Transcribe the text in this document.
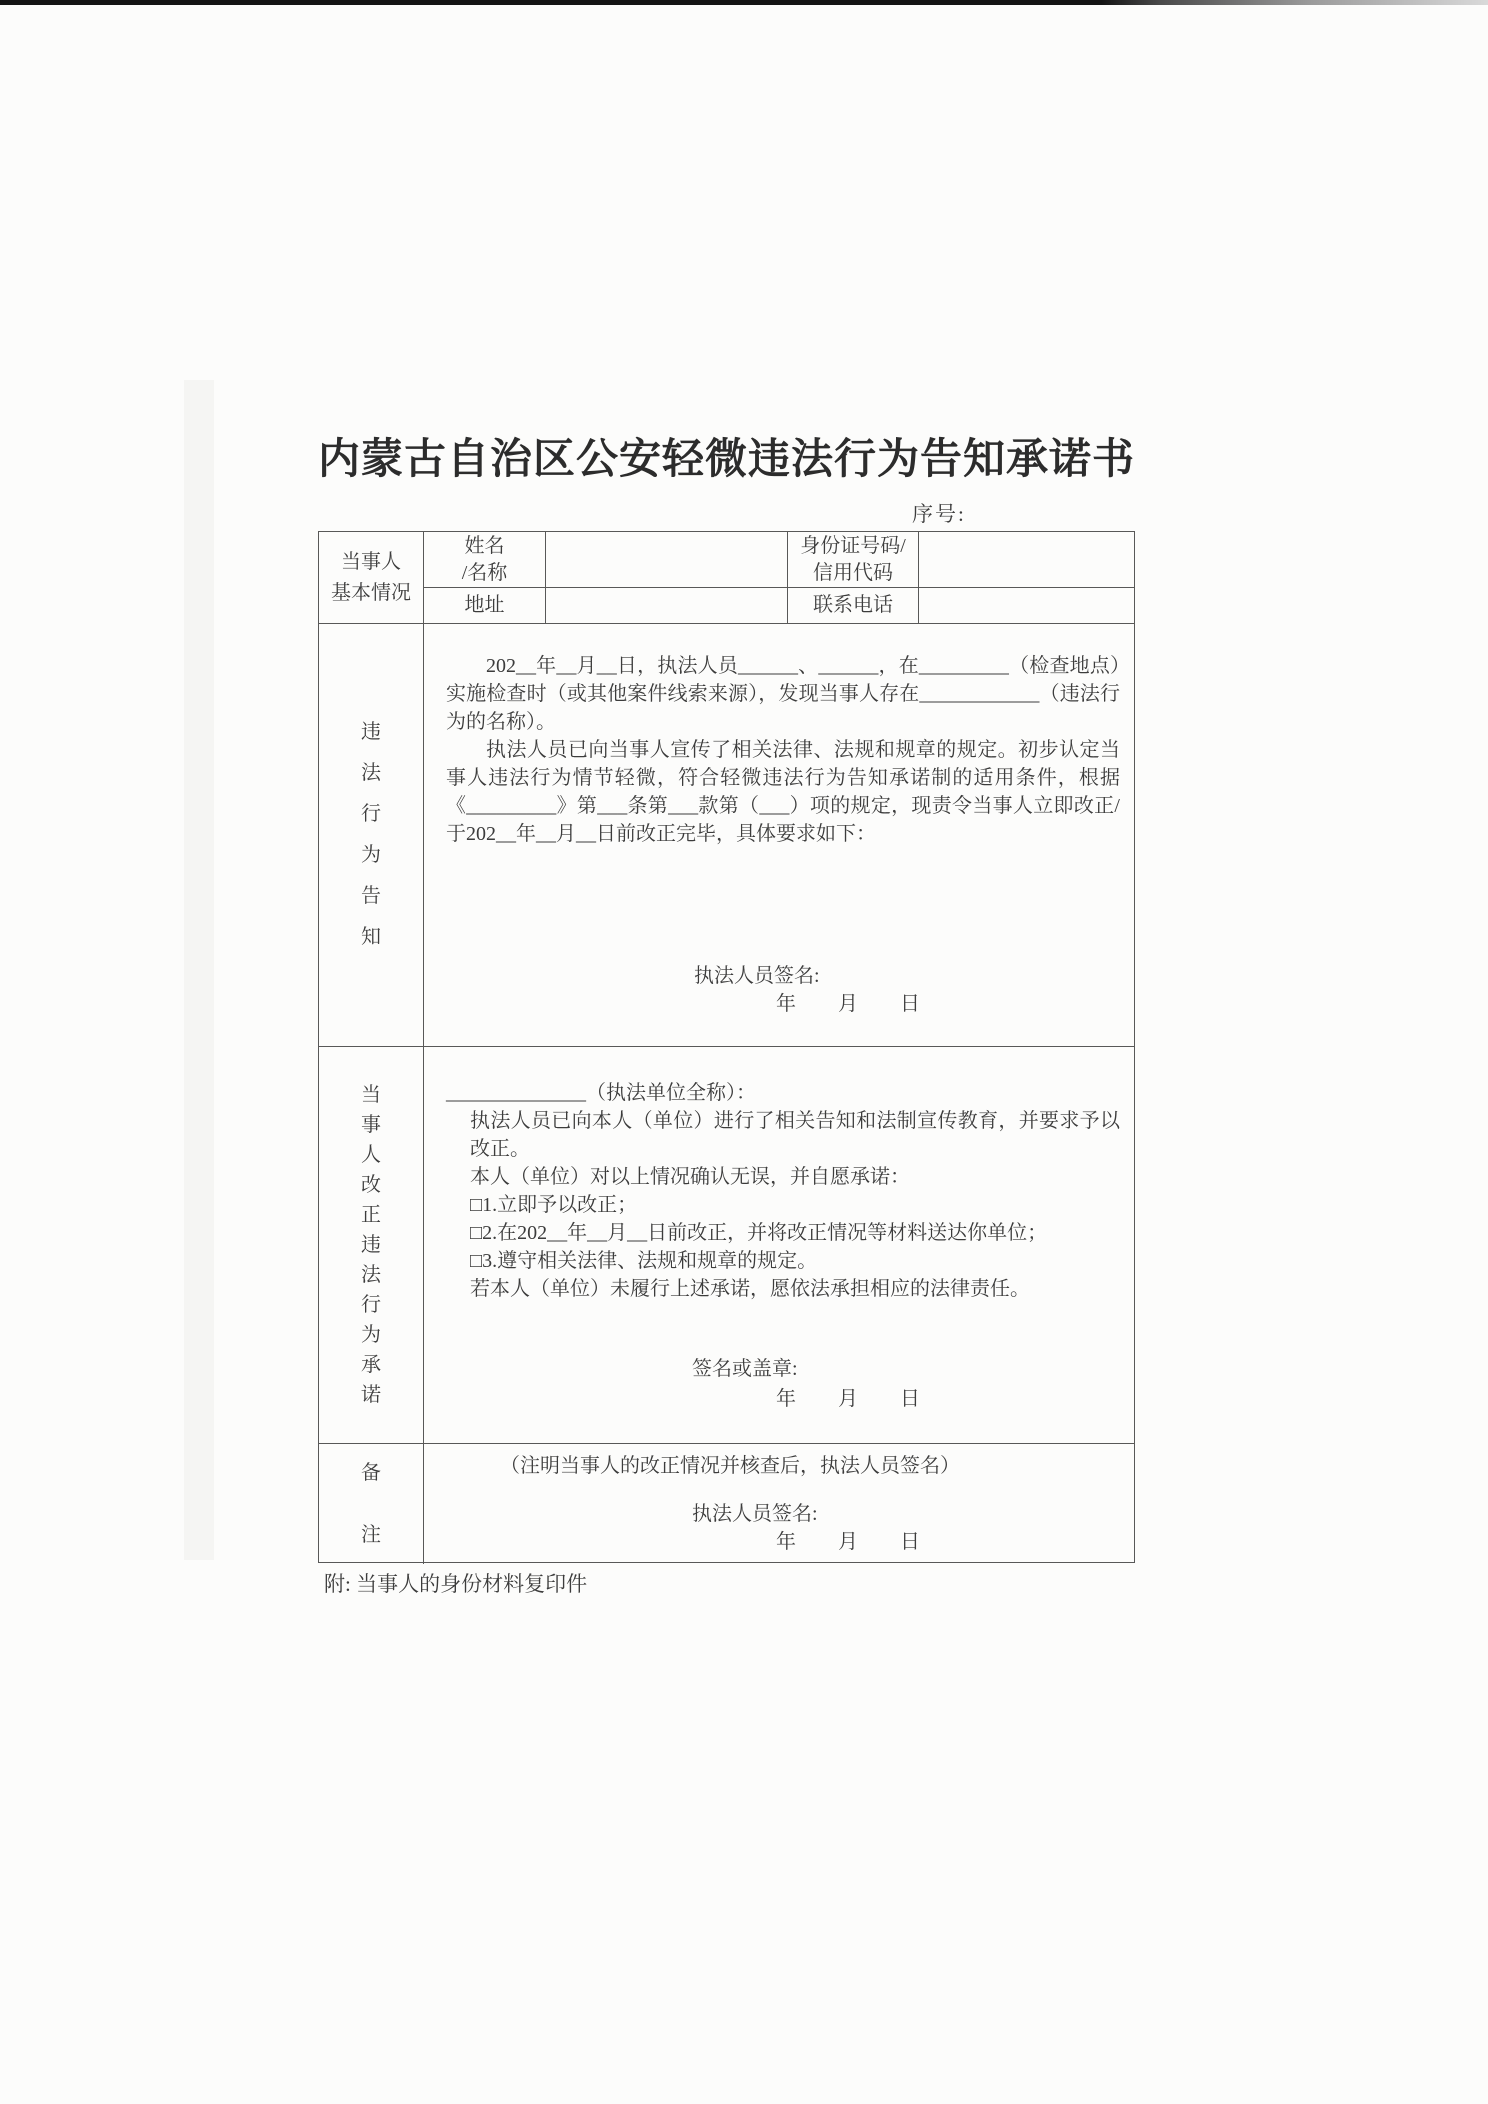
内蒙古自治区公安轻微违法行为告知承诺书
序号:
当事人
基本情况
姓名
/名称
身份证号码/
信用代码
地址	联系电话
违法行为告知

202__年__月__日，执法人员______、______，在_________（检查地点）实施检查时（或其他案件线索来源），发现当事人存在____________（违法行为的名称）。

执法人员已向当事人宣传了相关法律、法规和规章的规定。初步认定当事人违法行为情节轻微，符合轻微违法行为告知承诺制的适用条件，根据《_________》第___条第___款第（___）项的规定，现责令当事人立即改正/于202__年__月__日前改正完毕，具体要求如下：

执法人员签名:
年 月 日
当事人改正违法行为承诺

______________（执法单位全称）：

执法人员已向本人（单位）进行了相关告知和法制宣传教育，并要求予以改正。

本人（单位）对以上情况确认无误，并自愿承诺：

□1.立即予以改正；

□2.在202__年__月__日前改正，并将改正情况等材料送达你单位；

□3.遵守相关法律、法规和规章的规定。

若本人（单位）未履行上述承诺，愿依法承担相应的法律责任。

签名或盖章:
年 月 日
备注

（注明当事人的改正情况并核查后，执法人员签名）

执法人员签名:
年 月 日
附: 当事人的身份材料复印件
